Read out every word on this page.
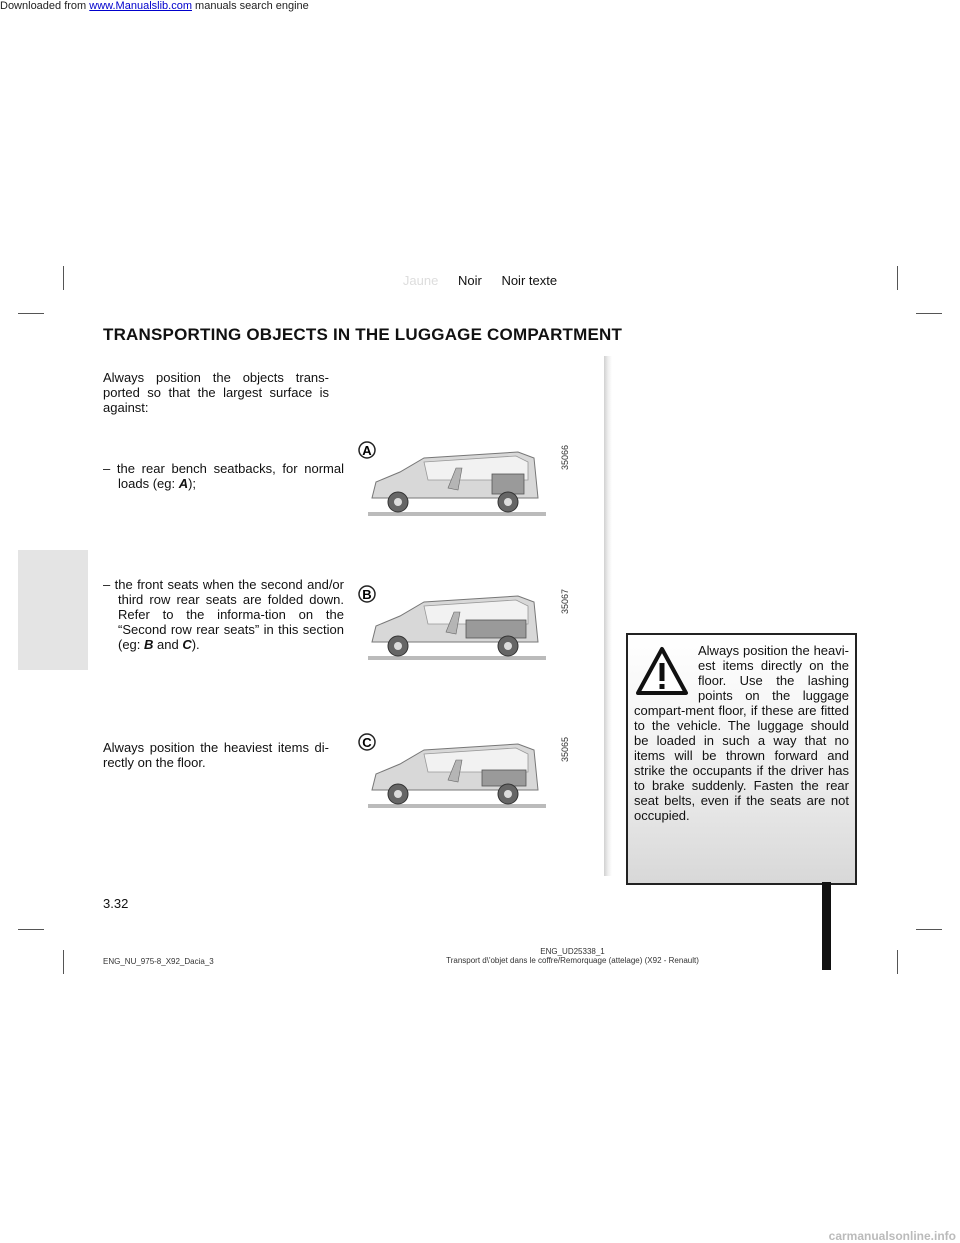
Downloaded from www.Manualslib.com manuals search engine
Jaune Noir Noir texte
TRANSPORTING OBJECTS IN THE LUGGAGE COMPARTMENT
Always position the objects trans-ported so that the largest surface is against:
– the rear bench seatbacks, for normal loads (eg: A);
– the front seats when the second and/or third row rear seats are folded down. Refer to the informa-tion on the “Second row rear seats” in this section (eg: B and C).
Always position the heaviest items di-rectly on the floor.
A	35066
B	35067
C	35065
Always position the heavi-est items directly on the floor. Use the lashing points on the luggage compart-ment floor, if these are fitted to the vehicle. The luggage should be loaded in such a way that no items will be thrown forward and strike the occupants if the driver has to brake suddenly. Fasten the rear seat belts, even if the seats are not occupied.
3.32
ENG_NU_975-8_X92_Dacia_3
ENG_UD25338_1
Transport d\'objet dans le coffre/Remorquage (attelage) (X92 - Renault)
carmanualsonline.info
